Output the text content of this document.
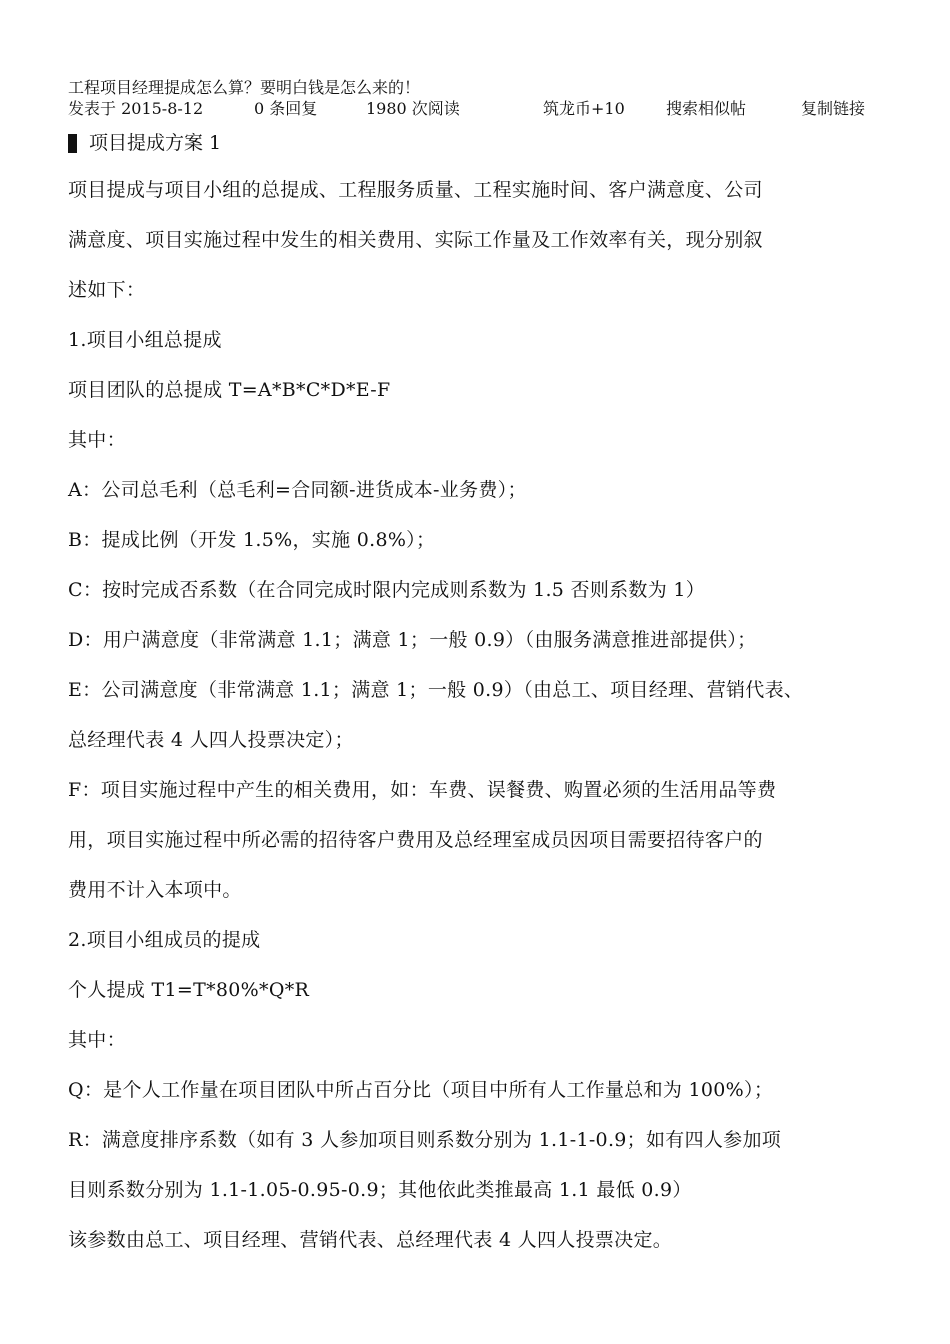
工程项目经理提成怎么算？要明白钱是怎么来的！
发表于 2015-8-12	0 条回复	1980 次阅读	筑龙币+10	搜索相似帖	复制链接
项目提成方案 1

项目提成与项目小组的总提成、工程服务质量、工程实施时间、客户满意度、公司

满意度、项目实施过程中发生的相关费用、实际工作量及工作效率有关，现分别叙

述如下：

1.项目小组总提成

项目团队的总提成 T=A*B*C*D*E-F

其中：

A：公司总毛利（总毛利=合同额-进货成本-业务费）；

B：提成比例（开发 1.5%，实施 0.8%）；

C：按时完成否系数（在合同完成时限内完成则系数为 1.5 否则系数为 1）

D：用户满意度（非常满意 1.1；满意 1；一般 0.9）（由服务满意推进部提供）；

E：公司满意度（非常满意 1.1；满意 1；一般 0.9）（由总工、项目经理、营销代表、

总经理代表 4 人四人投票决定）；

F：项目实施过程中产生的相关费用，如：车费、误餐费、购置必须的生活用品等费

用，项目实施过程中所必需的招待客户费用及总经理室成员因项目需要招待客户的

费用不计入本项中。

2.项目小组成员的提成

个人提成 T1=T*80%*Q*R

其中：

Q：是个人工作量在项目团队中所占百分比（项目中所有人工作量总和为 100%）；

R：满意度排序系数（如有 3 人参加项目则系数分别为 1.1-1-0.9；如有四人参加项

目则系数分别为 1.1-1.05-0.95-0.9；其他依此类推最高 1.1 最低 0.9）

该参数由总工、项目经理、营销代表、总经理代表 4 人四人投票决定。
